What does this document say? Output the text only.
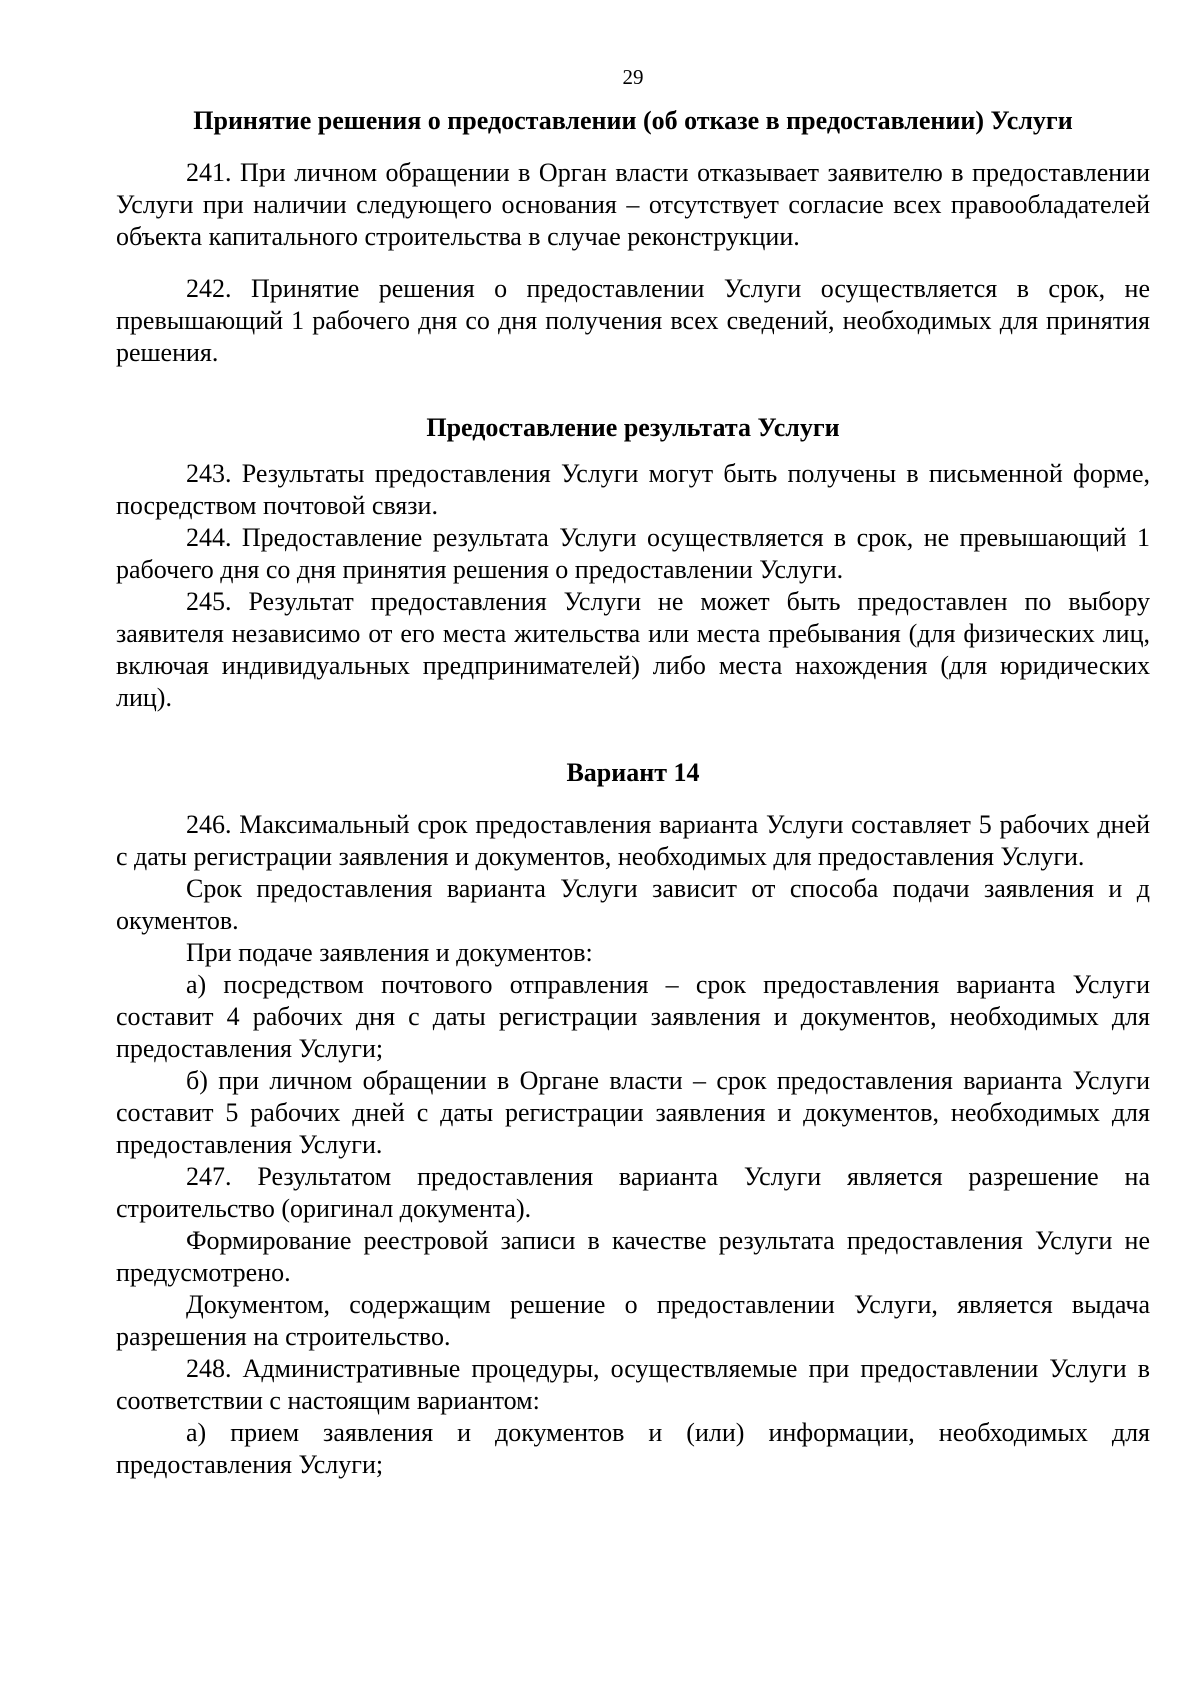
29
Принятие решения о предоставлении (об отказе в предоставлении) Услуги

241. При личном обращении в Орган власти отказывает заявителю в предоставлении Услуги при наличии следующего основания – отсутствует согласие всех правообладателей объекта капитального строительства в случае реконструкции.

242. Принятие решения о предоставлении Услуги осуществляется в срок, не превышающий 1 рабочего дня со дня получения всех сведений, необходимых для принятия решения.

Предоставление результата Услуги

243. Результаты предоставления Услуги могут быть получены в письменной форме, посредством почтовой связи.

244. Предоставление результата Услуги осуществляется в срок, не превышающий 1 рабочего дня со дня принятия решения о предоставлении Услуги.

245. Результат предоставления Услуги не может быть предоставлен по выбору заявителя независимо от его места жительства или места пребывания (для физических лиц, включая индивидуальных предпринимателей) либо места нахождения (для юридических лиц).

Вариант 14

246. Максимальный срок предоставления варианта Услуги составляет 5 рабочих дней с даты регистрации заявления и документов, необходимых для предоставления Услуги.

Срок предоставления варианта Услуги зависит от способа подачи заявления и д окументов.

При подаче заявления и документов:

а) посредством почтового отправления – срок предоставления варианта Услуги составит 4 рабочих дня с даты регистрации заявления и документов, необходимых для предоставления Услуги;

б) при личном обращении в Органе власти – срок предоставления варианта Услуги составит 5 рабочих дней с даты регистрации заявления и документов, необходимых для предоставления Услуги.

247. Результатом предоставления варианта Услуги является разрешение на строительство (оригинал документа).

Формирование реестровой записи в качестве результата предоставления Услуги не предусмотрено.

Документом, содержащим решение о предоставлении Услуги, является выдача разрешения на строительство.

248. Административные процедуры, осуществляемые при предоставлении Услуги в соответствии с настоящим вариантом:

а) прием заявления и документов и (или) информации, необходимых для предоставления Услуги;
